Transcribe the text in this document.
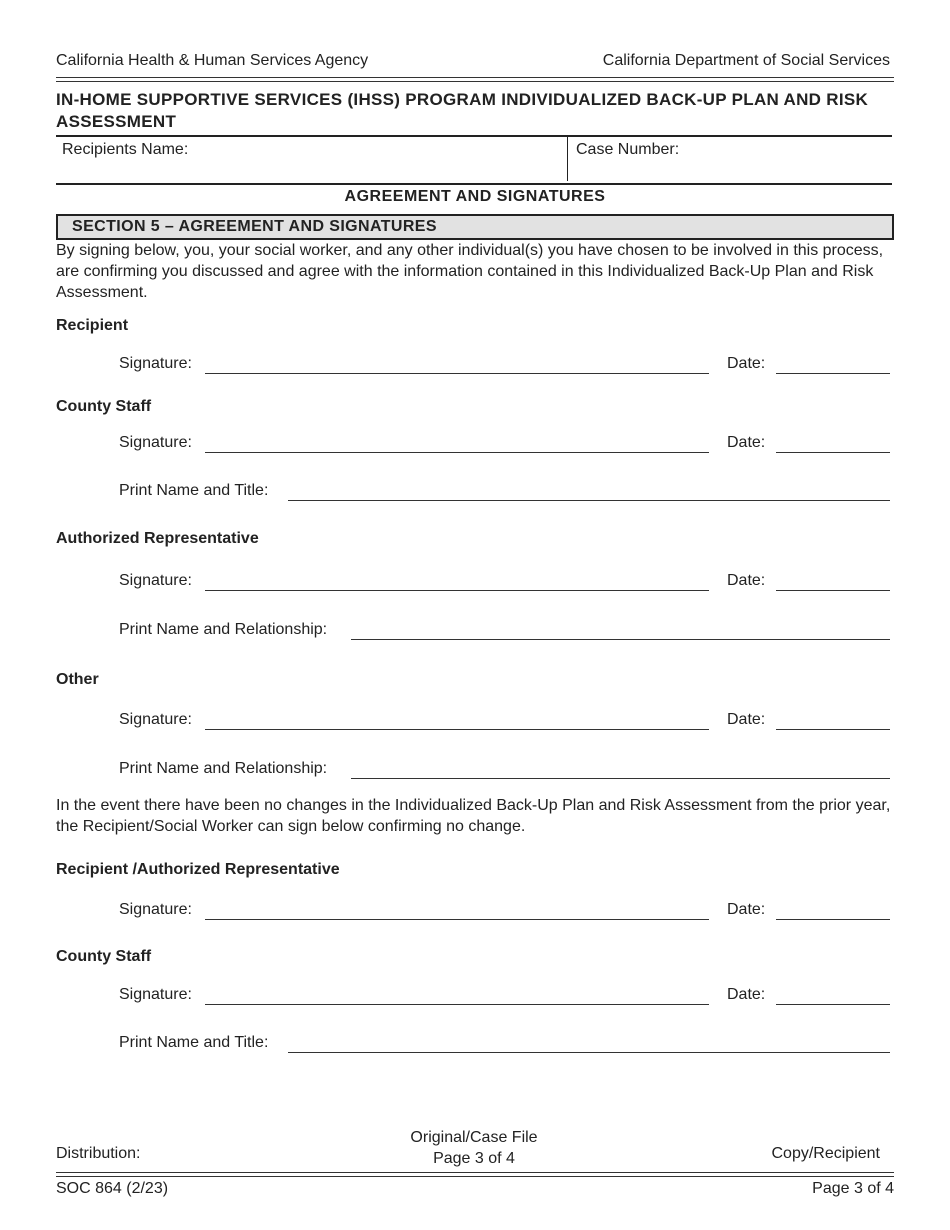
California Health & Human Services Agency	California Department of Social Services
IN-HOME SUPPORTIVE SERVICES (IHSS) PROGRAM INDIVIDUALIZED BACK-UP PLAN AND RISK ASSESSMENT
Recipients Name:	Case Number:
AGREEMENT AND SIGNATURES
SECTION 5 – AGREEMENT AND SIGNATURES
By signing below, you, your social worker, and any other individual(s) you have chosen to be involved in this process, are confirming you discussed and agree with the information contained in this Individualized Back-Up Plan and Risk Assessment.
Recipient
Signature:	Date:
County Staff
Signature:	Date:
Print Name and Title:
Authorized Representative
Signature:	Date:
Print Name and Relationship:
Other
Signature:	Date:
Print Name and Relationship:
In the event there have been no changes in the Individualized Back-Up Plan and Risk Assessment from the prior year, the Recipient/Social Worker can sign below confirming no change.
Recipient /Authorized Representative
Signature:	Date:
County Staff
Signature:	Date:
Print Name and Title:
Distribution:
Original/Case File
Page 3 of 4	Copy/Recipient
SOC 864 (2/23)	Page 3 of 4
